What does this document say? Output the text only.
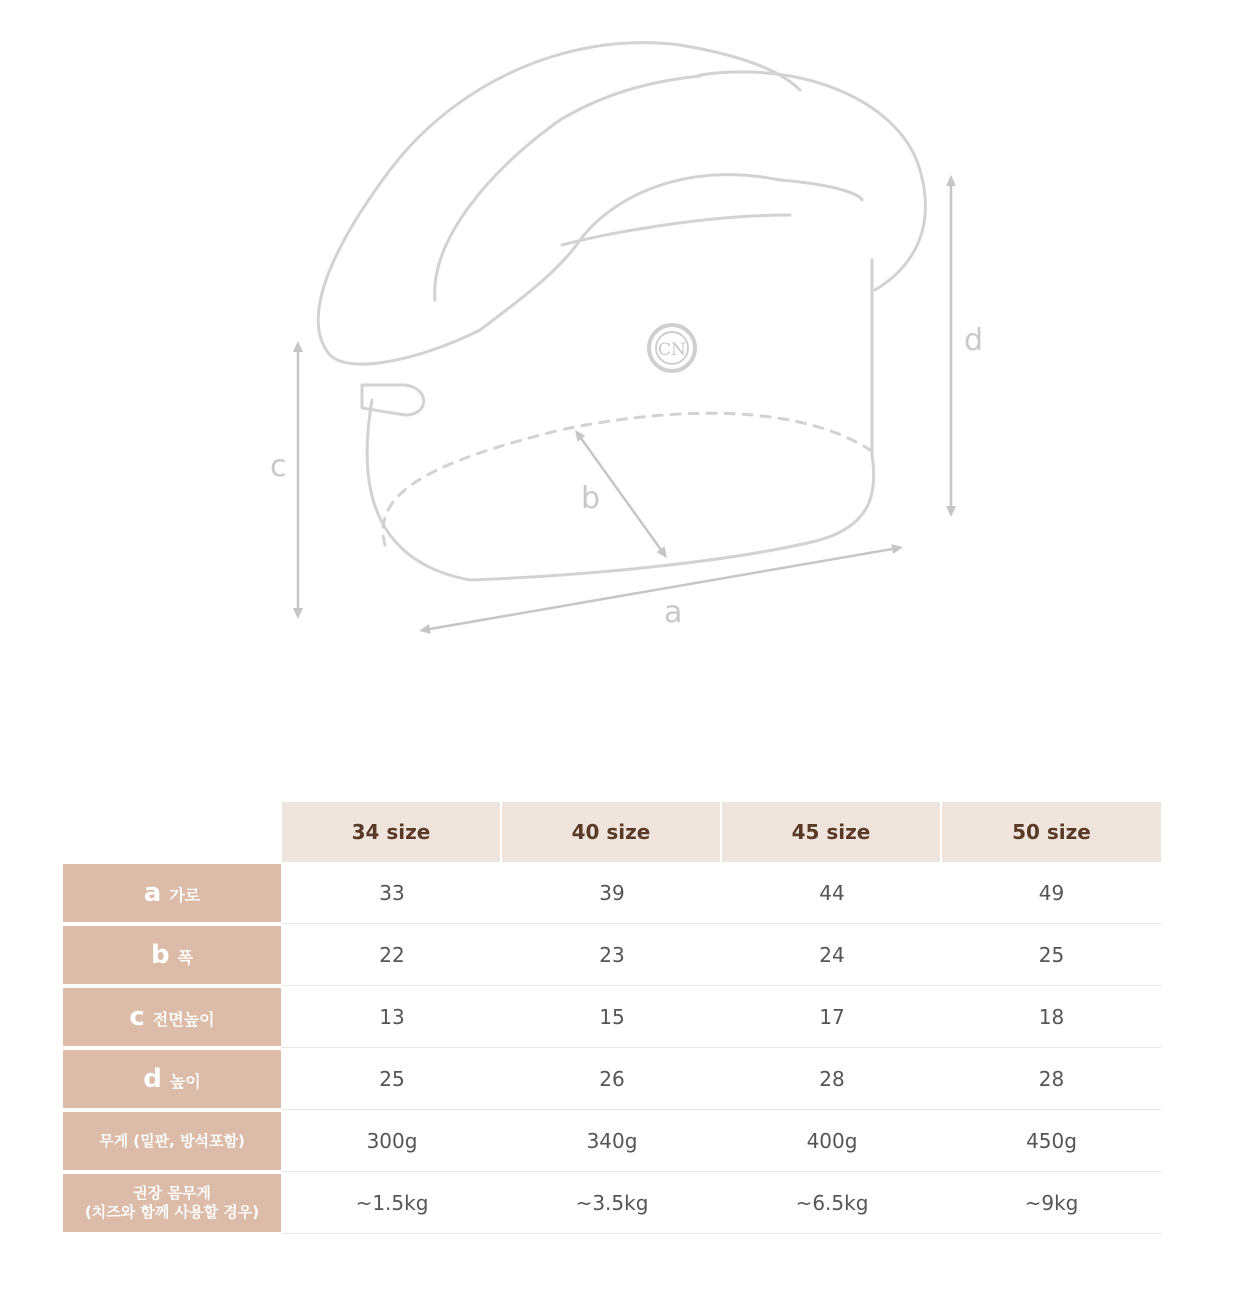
CN
c
d
b
a
34 size	40 size	45 size	50 size
a가로	33	39	44	49
b폭	22	23	24	25
c전면높이	13	15	17	18
d높이	25	26	28	28
무게 (밑판, 방석포함)	300g	340g	400g	450g
권장 몸무게
(치즈와 함께 사용할 경우)	~1.5kg	~3.5kg	~6.5kg	~9kg
